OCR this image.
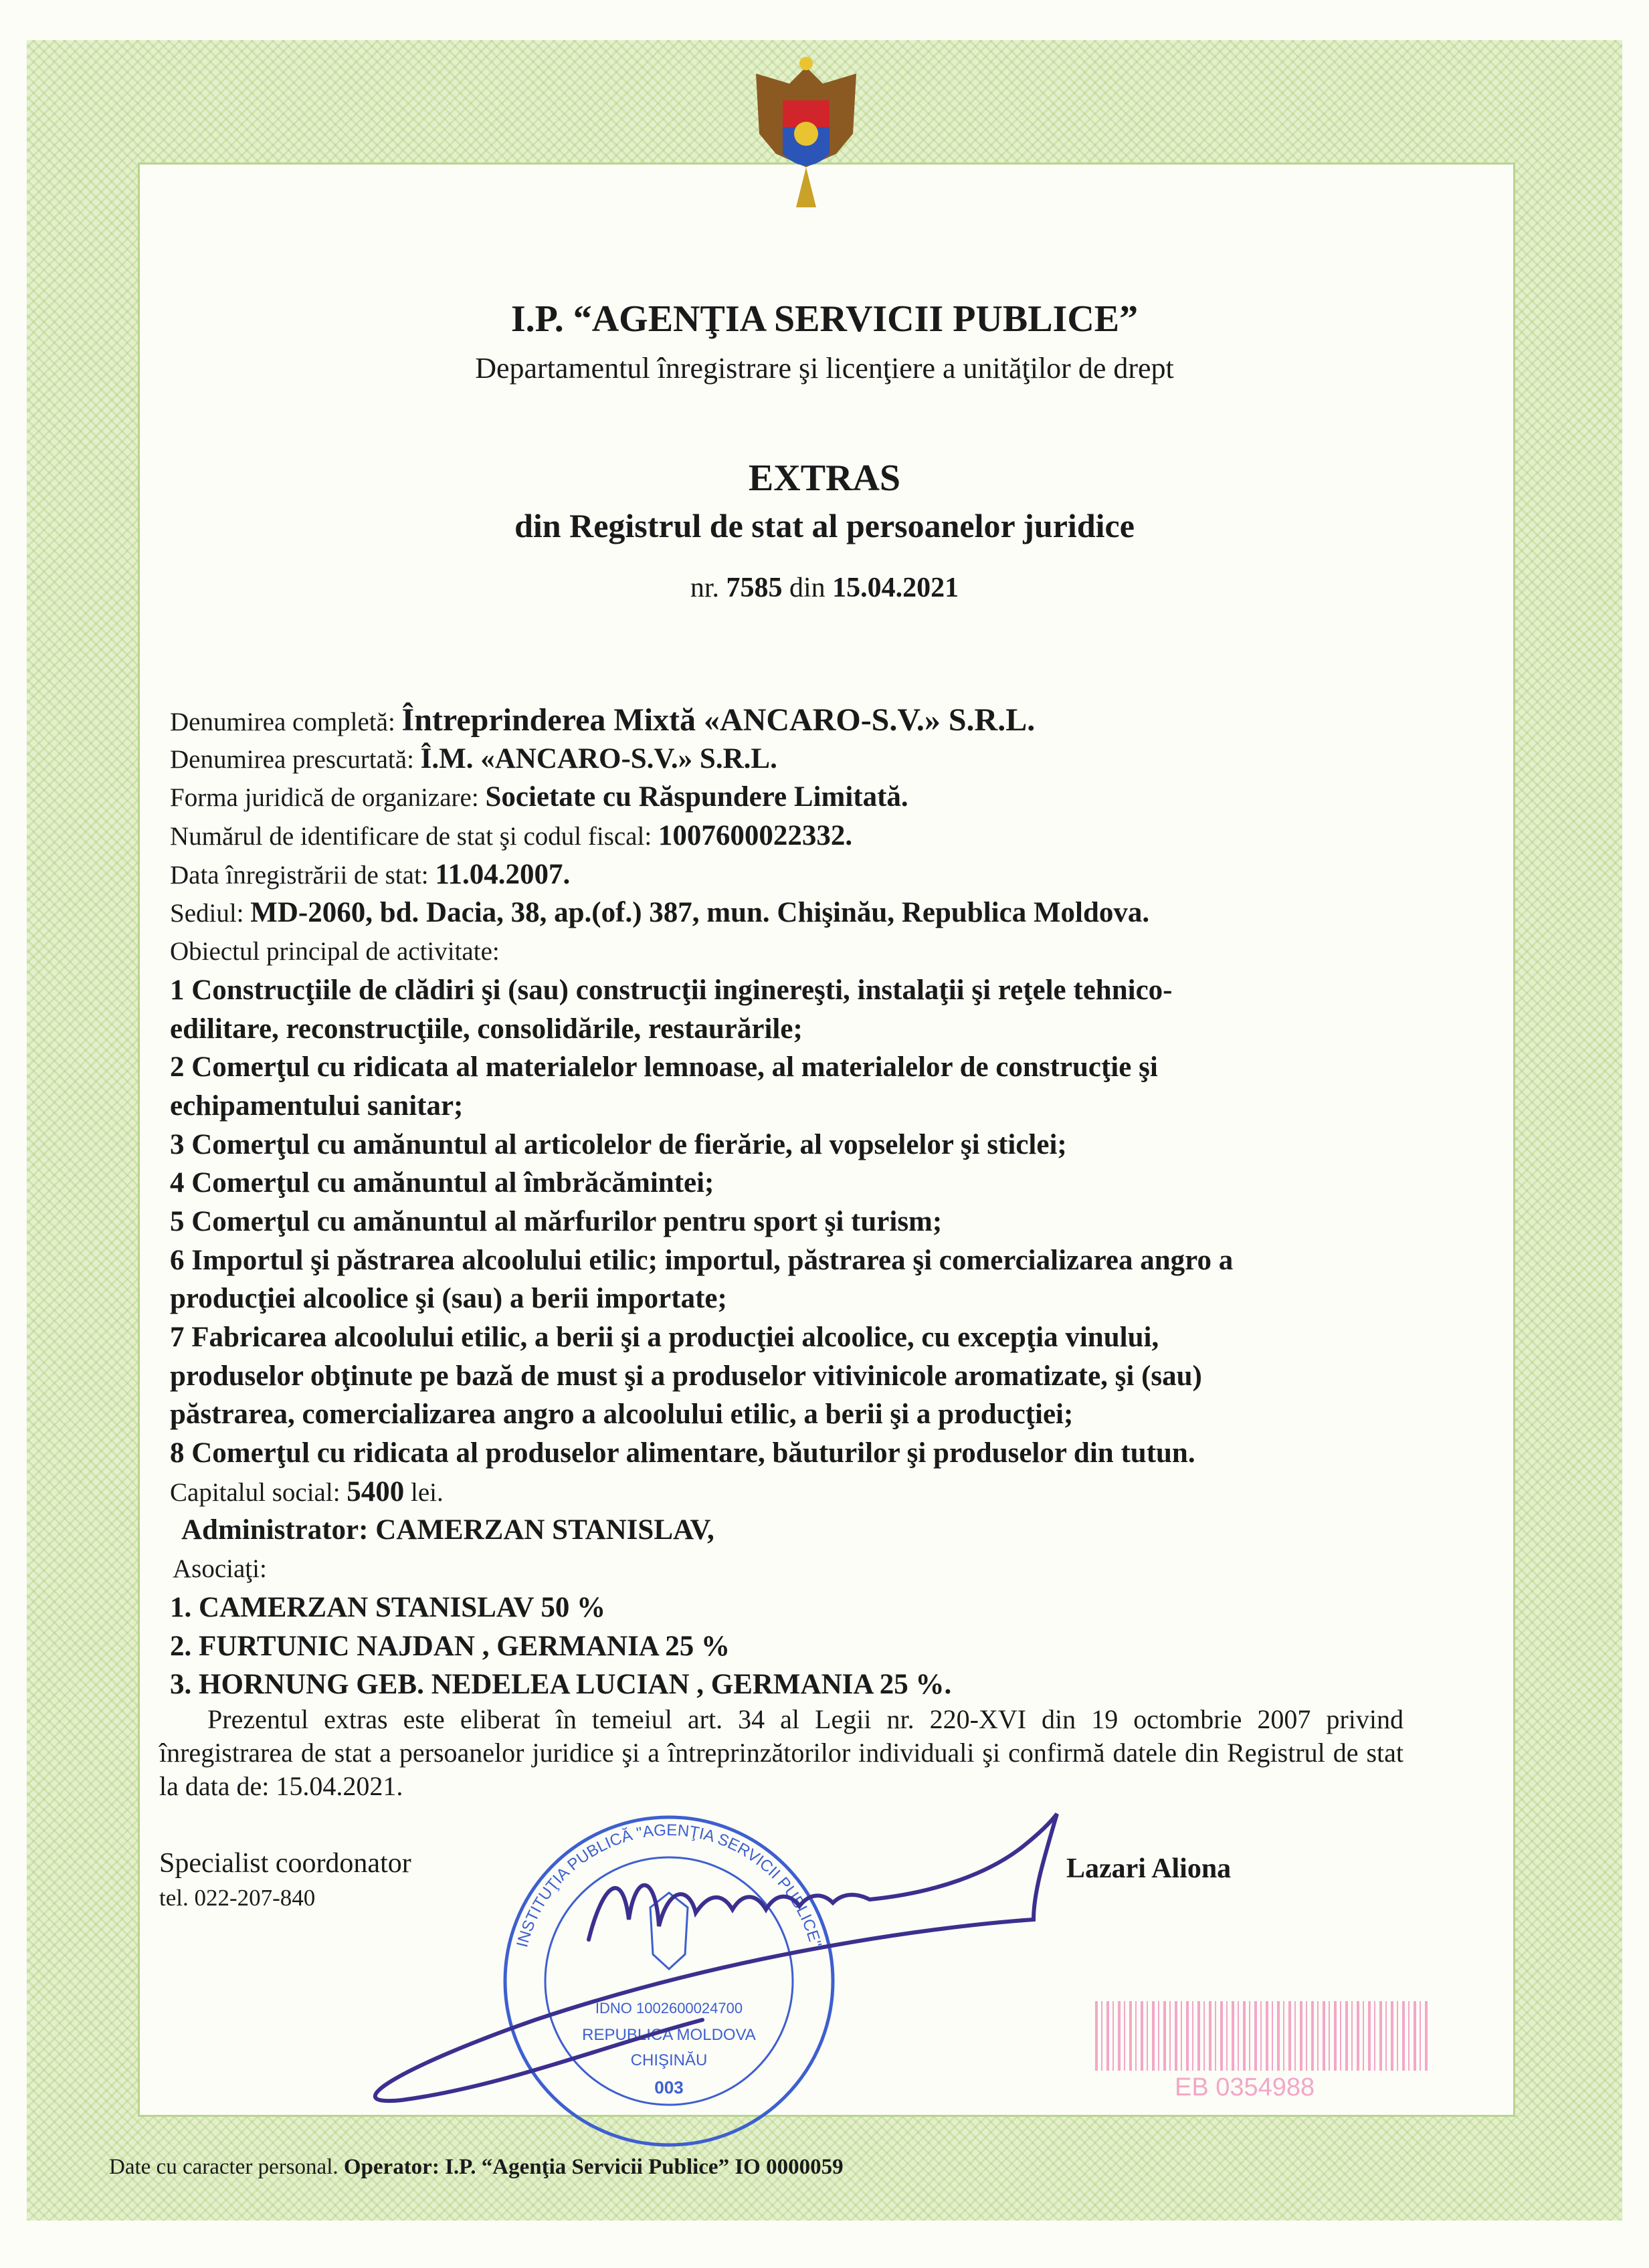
I.P. “AGENŢIA SERVICII PUBLICE”
Departamentul înregistrare şi licenţiere a unităţilor de drept
EXTRAS
din Registrul de stat al persoanelor juridice
nr. 7585 din 15.04.2021
Denumirea completă: Întreprinderea Mixtă «ANCARO-S.V.» S.R.L.
Denumirea prescurtată: Î.M. «ANCARO-S.V.» S.R.L.
Forma juridică de organizare: Societate cu Răspundere Limitată.
Numărul de identificare de stat şi codul fiscal: 1007600022332.
Data înregistrării de stat: 11.04.2007.
Sediul: MD-2060, bd. Dacia, 38, ap.(of.) 387, mun. Chişinău, Republica Moldova.
Obiectul principal de activitate:
1 Construcţiile de clădiri şi (sau) construcţii inginereşti, instalaţii şi reţele tehnico-
edilitare, reconstrucţiile, consolidările, restaurările;
2 Comerţul cu ridicata al materialelor lemnoase, al materialelor de construcţie şi
echipamentului sanitar;
3 Comerţul cu amănuntul al articolelor de fierărie, al vopselelor şi sticlei;
4 Comerţul cu amănuntul al îmbrăcămintei;
5 Comerţul cu amănuntul al mărfurilor pentru sport şi turism;
6 Importul şi păstrarea alcoolului etilic; importul, păstrarea şi comercializarea angro a
producţiei alcoolice şi (sau) a berii importate;
7 Fabricarea alcoolului etilic, a berii şi a producţiei alcoolice, cu excepţia vinului,
produselor obţinute pe bază de must şi a produselor vitivinicole aromatizate, şi (sau)
păstrarea, comercializarea angro a alcoolului etilic, a berii şi a producţiei;
8 Comerţul cu ridicata al produselor alimentare, băuturilor şi produselor din tutun.
Capitalul social: 5400 lei.
Administrator: CAMERZAN STANISLAV,
Asociaţi:
1. CAMERZAN STANISLAV 50 %
2. FURTUNIC NAJDAN , GERMANIA 25 %
3. HORNUNG GEB. NEDELEA LUCIAN , GERMANIA 25 %.
Prezentul extras este eliberat în temeiul art. 34 al Legii nr. 220-XVI din 19 octombrie 2007 privind înregistrarea de stat a persoanelor juridice şi a întreprinzătorilor individuali şi confirmă datele din Registrul de stat la data de: 15.04.2021.
Specialist coordonator
tel. 022-207-840
Lazari Aliona
INSTITUŢIA PUBLICĂ "AGENŢIA SERVICII PUBLICE"
IDNO 1002600024700
REPUBLICA MOLDOVA
CHIŞINĂU
003	EB 0354988
Date cu caracter personal. Operator: I.P. “Agenţia Servicii Publice” IO 0000059
